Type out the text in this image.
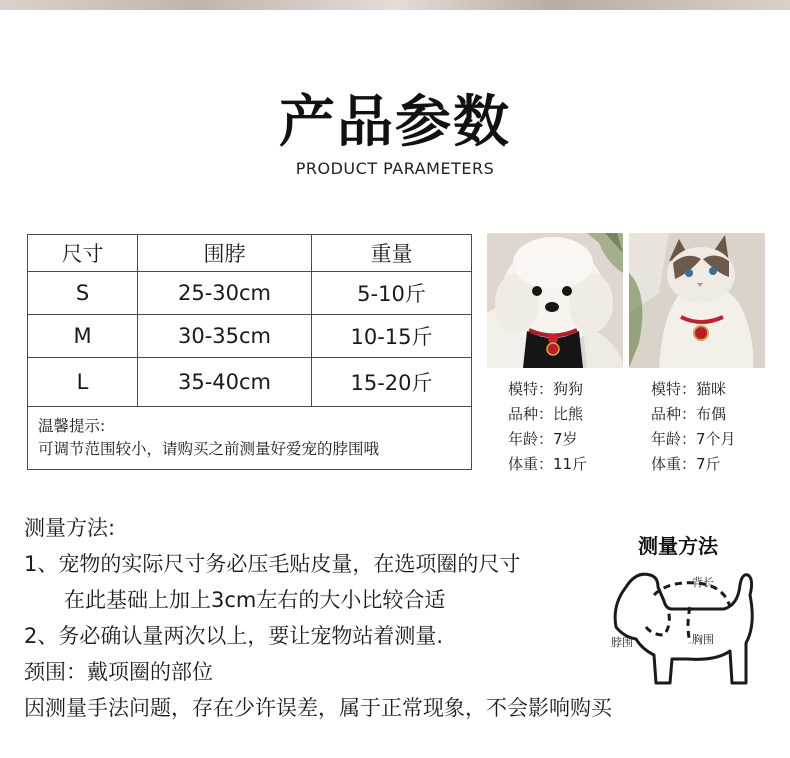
产品参数
PRODUCT PARAMETERS
尺寸	围脖	重量
S	25-30cm	5-10斤
M	30-35cm	10-15斤
L	35-40cm	15-20斤

温馨提示:
可调节范围较小，请购买之前测量好爱宠的脖围哦		
模特：狗狗
品种：比熊
年龄：7岁
体重：11斤
模特：猫咪
品种：布偶
年龄：7个月
体重：7斤
测量方法:
1、宠物的实际尺寸务必压毛贴皮量，在选项圈的尺寸
在此基础上加上3cm左右的大小比较合适
2、务必确认量两次以上，要让宠物站着测量.
颈围：戴项圈的部位
因测量手法问题，存在少许误差，属于正常现象，不会影响购买
测量方法
背长
脖围	胸围
